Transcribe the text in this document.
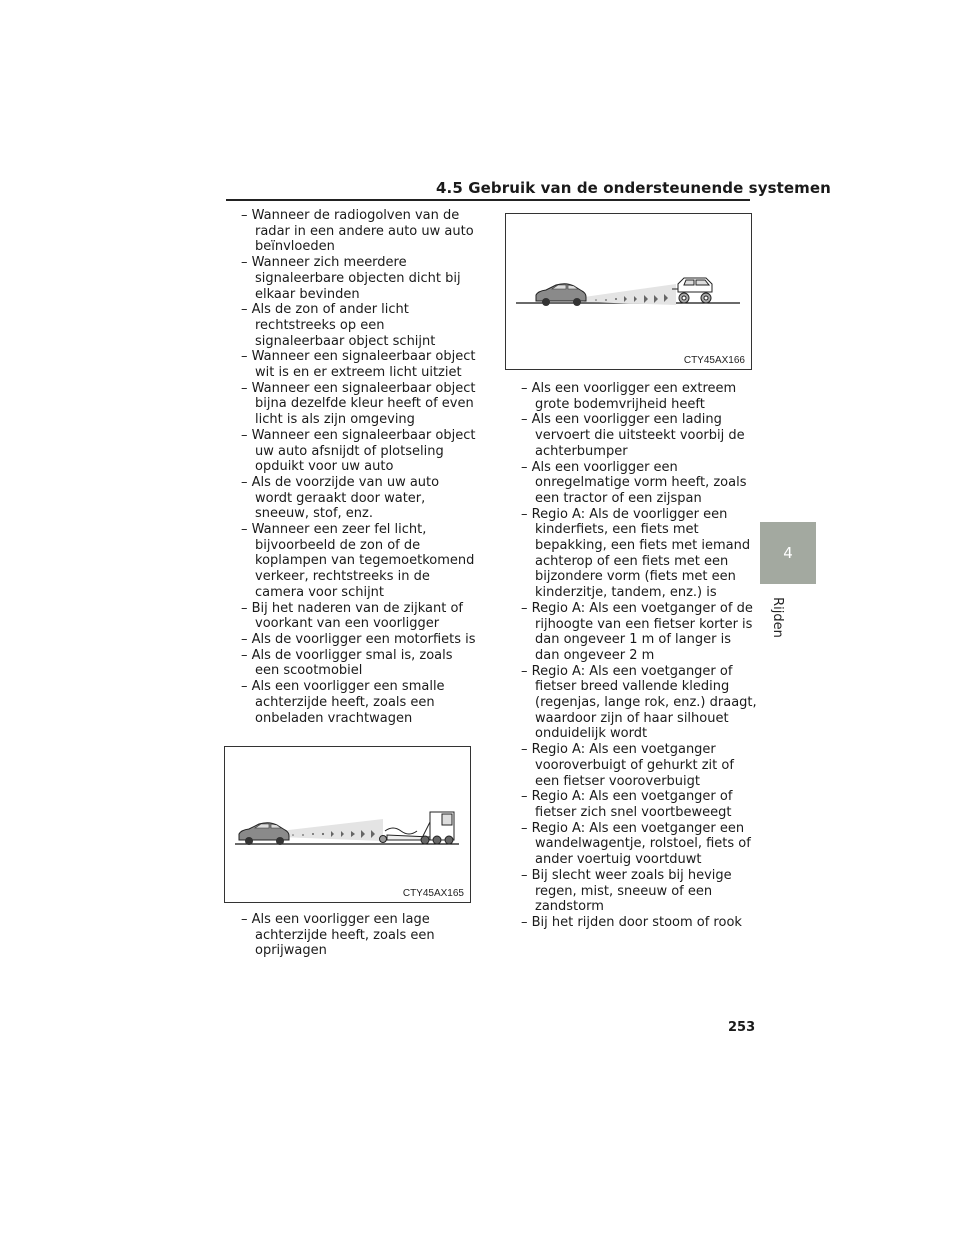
4.5 Gebruik van de ondersteunende systemen
– Wanneer de radiogolven van de radar in een andere auto uw auto beïnvloeden
– Wanneer zich meerdere signaleerbare objecten dicht bij elkaar bevinden
– Als de zon of ander licht rechtstreeks op een signaleerbaar object schijnt
– Wanneer een signaleerbaar object wit is en er extreem licht uitziet
– Wanneer een signaleerbaar object bijna dezelfde kleur heeft of even licht is als zijn omgeving
– Wanneer een signaleerbaar object uw auto afsnijdt of plotseling opduikt voor uw auto
– Als de voorzijde van uw auto wordt geraakt door water, sneeuw, stof, enz.
– Wanneer een zeer fel licht, bijvoorbeeld de zon of de koplampen van tegemoetkomend verkeer, rechtstreeks in de camera voor schijnt
– Bij het naderen van de zijkant of voorkant van een voorligger
– Als de voorligger een motorfiets is
– Als de voorligger smal is, zoals een scootmobiel
– Als een voorligger een smalle achterzijde heeft, zoals een onbeladen vrachtwagen
CTY45AX165
– Als een voorligger een lage achterzijde heeft, zoals een oprijwagen
CTY45AX166
– Als een voorligger een extreem grote bodemvrijheid heeft
– Als een voorligger een lading vervoert die uitsteekt voorbij de achterbumper
– Als een voorligger een onregelmatige vorm heeft, zoals een tractor of een zijspan
– Regio A: Als de voorligger een kinderfiets, een fiets met bepakking, een fiets met iemand achterop of een fiets met een bijzondere vorm (fiets met een kinderzitje, tandem, enz.) is
– Regio A: Als een voetganger of de rijhoogte van een fietser korter is dan ongeveer 1 m of langer is dan ongeveer 2 m
– Regio A: Als een voetganger of fietser breed vallende kleding (regenjas, lange rok, enz.) draagt, waardoor zijn of haar silhouet onduidelijk wordt
– Regio A: Als een voetganger vooroverbuigt of gehurkt zit of een fietser vooroverbuigt
– Regio A: Als een voetganger of fietser zich snel voortbeweegt
– Regio A: Als een voetganger een wandelwagentje, rolstoel, fiets of ander voertuig voortduwt
– Bij slecht weer zoals bij hevige regen, mist, sneeuw of een zandstorm
– Bij het rijden door stoom of rook
4
Rijden
253
